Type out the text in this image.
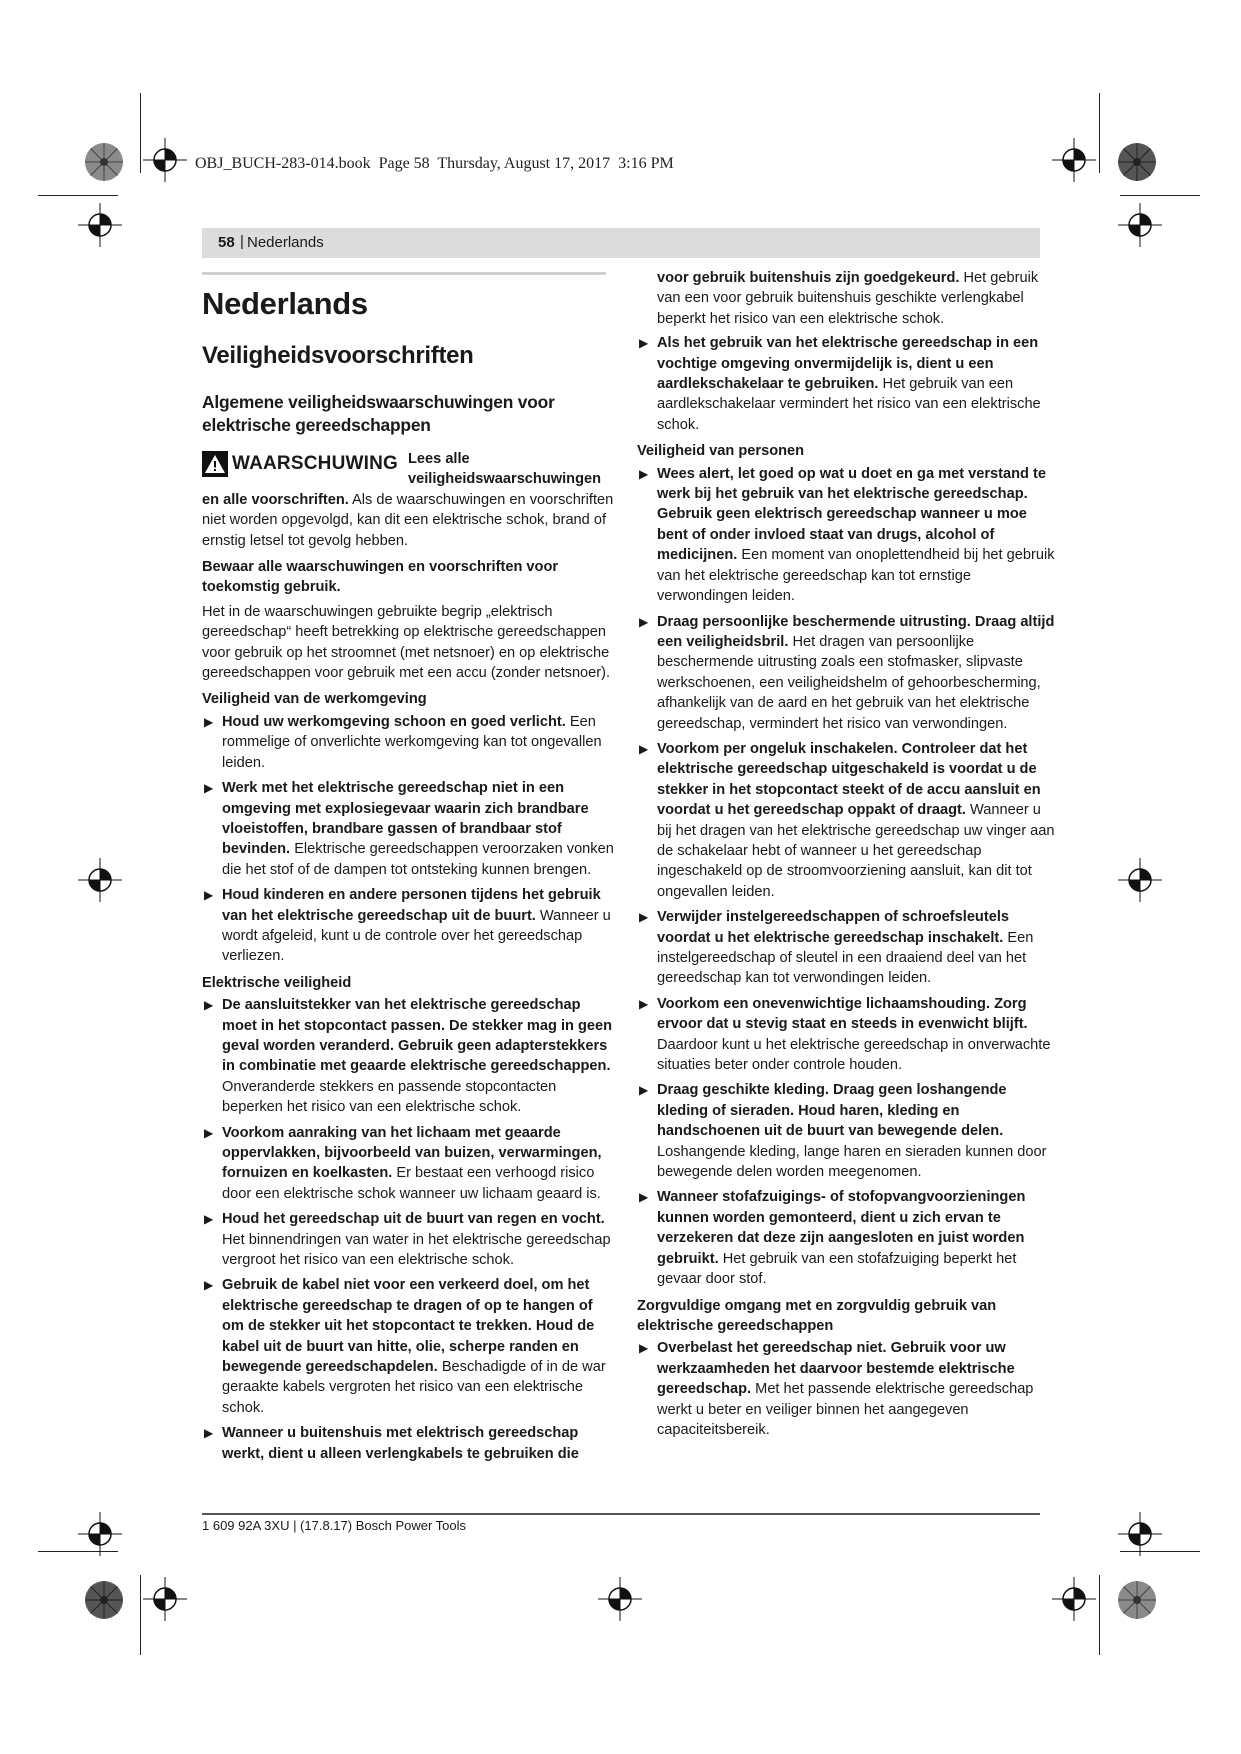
OBJ_BUCH-283-014.book Page 58 Thursday, August 17, 2017 3:16 PM
58 | Nederlands
Nederlands
Veiligheidsvoorschriften
Algemene veiligheidswaarschuwingen voor elektrische gereedschappen
WAARSCHUWING Lees alle veiligheidswaarschuwingen en alle voorschriften. Als de waarschuwingen en voorschriften niet worden opgevolgd, kan dit een elektrische schok, brand of ernstig letsel tot gevolg hebben.

Bewaar alle waarschuwingen en voorschriften voor toekomstig gebruik.

Het in de waarschuwingen gebruikte begrip „elektrisch gereedschap“ heeft betrekking op elektrische gereedschappen voor gebruik op het stroomnet (met netsnoer) en op elektrische gereedschappen voor gebruik met een accu (zonder netsnoer).

Veiligheid van de werkomgeving
▶ Houd uw werkomgeving schoon en goed verlicht. Een rommelige of onverlichte werkomgeving kan tot ongevallen leiden.
▶ Werk met het elektrische gereedschap niet in een omgeving met explosiegevaar waarin zich brandbare vloeistoffen, brandbare gassen of brandbaar stof bevinden. Elektrische gereedschappen veroorzaken vonken die het stof of de dampen tot ontsteking kunnen brengen.
▶ Houd kinderen en andere personen tijdens het gebruik van het elektrische gereedschap uit de buurt. Wanneer u wordt afgeleid, kunt u de controle over het gereedschap verliezen.
Elektrische veiligheid
▶ De aansluitstekker van het elektrische gereedschap moet in het stopcontact passen. De stekker mag in geen geval worden veranderd. Gebruik geen adapterstekkers in combinatie met geaarde elektrische gereedschappen. Onveranderde stekkers en passende stopcontacten beperken het risico van een elektrische schok.
▶ Voorkom aanraking van het lichaam met geaarde oppervlakken, bijvoorbeeld van buizen, verwarmingen, fornuizen en koelkasten. Er bestaat een verhoogd risico door een elektrische schok wanneer uw lichaam geaard is.
▶ Houd het gereedschap uit de buurt van regen en vocht. Het binnendringen van water in het elektrische gereedschap vergroot het risico van een elektrische schok.
▶ Gebruik de kabel niet voor een verkeerd doel, om het elektrische gereedschap te dragen of op te hangen of om de stekker uit het stopcontact te trekken. Houd de kabel uit de buurt van hitte, olie, scherpe randen en bewegende gereedschapdelen. Beschadigde of in de war geraakte kabels vergroten het risico van een elektrische schok.
▶ Wanneer u buitenshuis met elektrisch gereedschap werkt, dient u alleen verlengkabels te gebruiken die

voor gebruik buitenshuis zijn goedgekeurd. Het gebruik van een voor gebruik buitenshuis geschikte verlengkabel beperkt het risico van een elektrische schok.

▶ Als het gebruik van het elektrische gereedschap in een vochtige omgeving onvermijdelijk is, dient u een aardlekschakelaar te gebruiken. Het gebruik van een aardlekschakelaar vermindert het risico van een elektrische schok.
Veiligheid van personen
▶ Wees alert, let goed op wat u doet en ga met verstand te werk bij het gebruik van het elektrische gereedschap. Gebruik geen elektrisch gereedschap wanneer u moe bent of onder invloed staat van drugs, alcohol of medicijnen. Een moment van onoplettendheid bij het gebruik van het elektrische gereedschap kan tot ernstige verwondingen leiden.
▶ Draag persoonlijke beschermende uitrusting. Draag altijd een veiligheidsbril. Het dragen van persoonlijke beschermende uitrusting zoals een stofmasker, slipvaste werkschoenen, een veiligheidshelm of gehoorbescherming, afhankelijk van de aard en het gebruik van het elektrische gereedschap, vermindert het risico van verwondingen.
▶ Voorkom per ongeluk inschakelen. Controleer dat het elektrische gereedschap uitgeschakeld is voordat u de stekker in het stopcontact steekt of de accu aansluit en voordat u het gereedschap oppakt of draagt. Wanneer u bij het dragen van het elektrische gereedschap uw vinger aan de schakelaar hebt of wanneer u het gereedschap ingeschakeld op de stroomvoorziening aansluit, kan dit tot ongevallen leiden.
▶ Verwijder instelgereedschappen of schroefsleutels voordat u het elektrische gereedschap inschakelt. Een instelgereedschap of sleutel in een draaiend deel van het gereedschap kan tot verwondingen leiden.
▶ Voorkom een onevenwichtige lichaamshouding. Zorg ervoor dat u stevig staat en steeds in evenwicht blijft. Daardoor kunt u het elektrische gereedschap in onverwachte situaties beter onder controle houden.
▶ Draag geschikte kleding. Draag geen loshangende kleding of sieraden. Houd haren, kleding en handschoenen uit de buurt van bewegende delen. Loshangende kleding, lange haren en sieraden kunnen door bewegende delen worden meegenomen.
▶ Wanneer stofafzuigings- of stofopvangvoorzieningen kunnen worden gemonteerd, dient u zich ervan te verzekeren dat deze zijn aangesloten en juist worden gebruikt. Het gebruik van een stofafzuiging beperkt het gevaar door stof.
Zorgvuldige omgang met en zorgvuldig gebruik van elektrische gereedschappen
▶ Overbelast het gereedschap niet. Gebruik voor uw werkzaamheden het daarvoor bestemde elektrische gereedschap. Met het passende elektrische gereedschap werkt u beter en veiliger binnen het aangegeven capaciteitsbereik.
1 609 92A 3XU | (17.8.17) Bosch Power Tools
